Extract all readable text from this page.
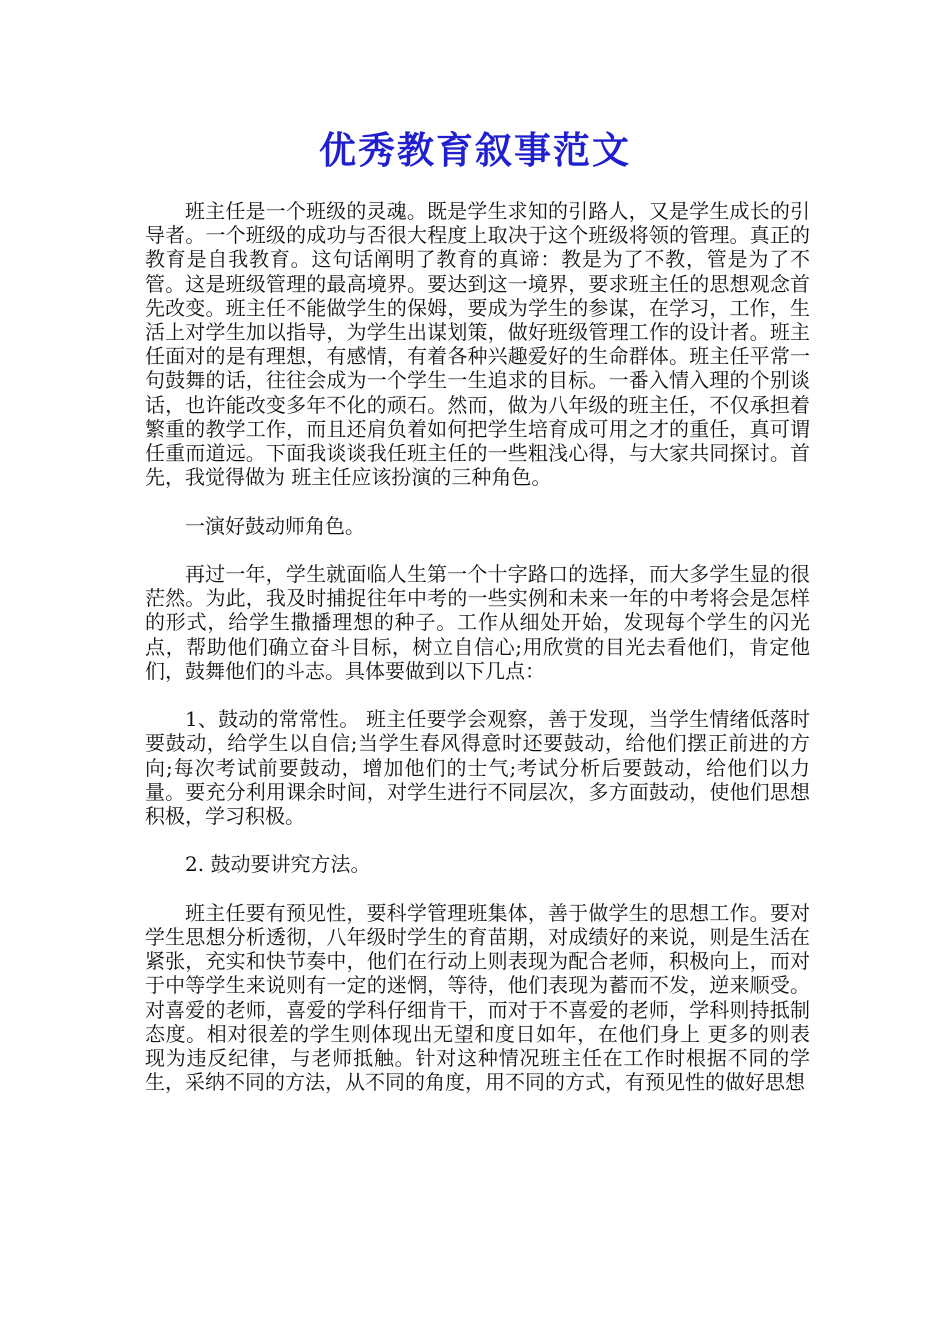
优秀教育叙事范文

班主任是一个班级的灵魂。既是学生求知的引路人，又是学生成长的引导者。一个班级的成功与否很大程度上取决于这个班级将领的管理。真正的教育是自我教育。这句话阐明了教育的真谛：教是为了不教，管是为了不管。这是班级管理的最高境界。要达到这一境界，要求班主任的思想观念首先改变。班主任不能做学生的保姆，要成为学生的参谋，在学习，工作，生活上对学生加以指导，为学生出谋划策，做好班级管理工作的设计者。班主任面对的是有理想，有感情，有着各种兴趣爱好的生命群体。班主任平常一句鼓舞的话，往往会成为一个学生一生追求的目标。一番入情入理的个别谈话，也许能改变多年不化的顽石。然而，做为八年级的班主任，不仅承担着繁重的教学工作，而且还肩负着如何把学生培育成可用之才的重任，真可谓任重而道远。下面我谈谈我任班主任的一些粗浅心得，与大家共同探讨。首先，我觉得做为 班主任应该扮演的三种角色。

一演好鼓动师角色。

再过一年，学生就面临人生第一个十字路口的选择，而大多学生显的很茫然。为此，我及时捕捉往年中考的一些实例和未来一年的中考将会是怎样的形式，给学生撒播理想的种子。工作从细处开始，发现每个学生的闪光点，帮助他们确立奋斗目标，树立自信心;用欣赏的目光去看他们，肯定他们，鼓舞他们的斗志。具体要做到以下几点：

1、鼓动的常常性。 班主任要学会观察，善于发现，当学生情绪低落时要鼓动，给学生以自信;当学生春风得意时还要鼓动，给他们摆正前进的方向;每次考试前要鼓动，增加他们的士气;考试分析后要鼓动，给他们以力量。要充分利用课余时间，对学生进行不同层次，多方面鼓动，使他们思想积极，学习积极。

2. 鼓动要讲究方法。

班主任要有预见性，要科学管理班集体，善于做学生的思想工作。要对学生思想分析透彻，八年级时学生的育苗期，对成绩好的来说，则是生活在紧张，充实和快节奏中，他们在行动上则表现为配合老师，积极向上，而对于中等学生来说则有一定的迷惘，等待，他们表现为蓄而不发，逆来顺受。对喜爱的老师，喜爱的学科仔细肯干，而对于不喜爱的老师，学科则持抵制态度。相对很差的学生则体现出无望和度日如年，在他们身上 更多的则表现为违反纪律，与老师抵触。针对这种情况班主任在工作时根据不同的学生，采纳不同的方法，从不同的角度，用不同的方式，有预见性的做好思想
